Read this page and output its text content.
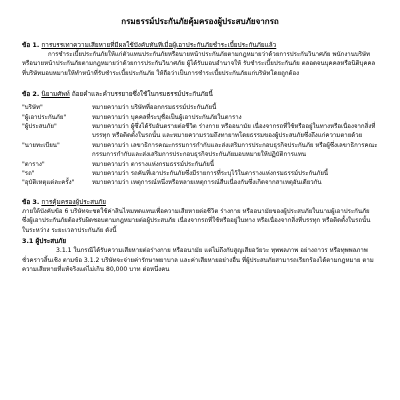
กรมธรรม์ประกันภัยคุ้มครองผู้ประสบภัยจากรถ
ข้อ 1. การบรรเทาความเสียหายที่มีผลใช้บังคับทันทีเมื่อผู้เอาประกันภัยชำระเบี้ยประกันภัยแล้ว

การชำระเบี้ยประกันภัยให้แก่ตัวแทนประกันภัยหรือนายหน้าประกันภัยตามกฎหมายว่าด้วยการประกันวินาศภัย พนักงานบริษัท หรือนายหน้าประกันภัยตามกฎหมายว่าด้วยการประกันวินาศภัย ผู้ได้รับมอบอำนาจให้ รับชำระเบี้ยประกันภัย ตลอดจนบุคคลหรือนิติบุคคลที่บริษัทมอบหมายให้ทำหน้าที่รับชำระเบี้ยประกันภัย ให้ถือว่าเป็นการชำระเบี้ยประกันภัยแก่บริษัทโดยถูกต้อง

ข้อ 2. นิยามศัพท์ ถ้อยคำและคำบรรยายซึ่งใช้ในกรมธรรม์ประกันภัยนี้
"บริษัท"	หมายความว่า บริษัทที่ออกกรมธรรม์ประกันภัยนี้
"ผู้เอาประกันภัย"	หมายความว่า บุคคลที่ระบุชื่อเป็นผู้เอาประกันภัยในตาราง
"ผู้ประสบภัย"	หมายความว่า ผู้ซึ่งได้รับอันตรายต่อชีวิต ร่างกาย หรืออนามัย เนื่องจากรถที่ใช้หรืออยู่ในทางหรือเนื่องจากสิ่งที่บรรทุก หรือติดตั้งในรถนั้น และหมายความรวมถึงทายาทโดยธรรมของผู้ประสบภัยซึ่งถึงแก่ความตายด้วย
"นายทะเบียน"	หมายความว่า เลขาธิการคณะกรรมการกำกับและส่งเสริมการประกอบธุรกิจประกันภัย หรือผู้ซึ่งเลขาธิการคณะกรรมการกำกับและส่งเสริมการประกอบธุรกิจประกันภัยมอบหมายให้ปฏิบัติการแทน
"ตาราง"	หมายความว่า ตารางแห่งกรมธรรม์ประกันภัยนี้
"รถ"	หมายความว่า รถคันที่เอาประกันภัยซึ่งมีรายการที่ระบุไว้ในตารางแห่งกรมธรรม์ประกันภัยนี้
"อุบัติเหตุแต่ละครั้ง"	หมายความว่า เหตุการณ์หนึ่งหรือหลายเหตุการณ์สืบเนื่องกันซึ่งเกิดจากสาเหตุอันเดียวกัน
ข้อ 3. การคุ้มครองผู้ประสบภัย

ภายใต้บังคับข้อ 6 บริษัทจะชดใช้ค่าสินไหมทดแทนเพื่อความเสียหายต่อชีวิต ร่างกาย หรืออนามัยของผู้ประสบภัยในนามผู้เอาประกันภัย ซึ่งผู้เอาประกันภัยต้องรับผิดชอบตามกฎหมายต่อผู้ประสบภัย เนื่องจากรถที่ใช้หรืออยู่ในทาง หรือเนื่องจากสิ่งที่บรรทุก หรือติดตั้งในรถนั้น ในระหว่าง ระยะเวลาประกันภัย ดังนี้

3.1 ผู้ประสบภัย

3.1.1 ในกรณีได้รับความเสียหายต่อร่างกาย หรืออนามัย แต่ไม่ถึงกับสูญเสียอวัยวะ ทุพพลภาพ อย่างถาวร หรือทุพพลภาพชั่วคราวสิ้นเชิง ตามข้อ 3.1.2 บริษัทจะจ่ายค่ารักษาพยาบาล และค่าเสียหายอย่างอื่น ที่ผู้ประสบภัยสามารถเรียกร้องได้ตามกฎหมาย ตามความเสียหายที่แท้จริงแต่ไม่เกิน 80,000 บาท ต่อหนึ่งคน
